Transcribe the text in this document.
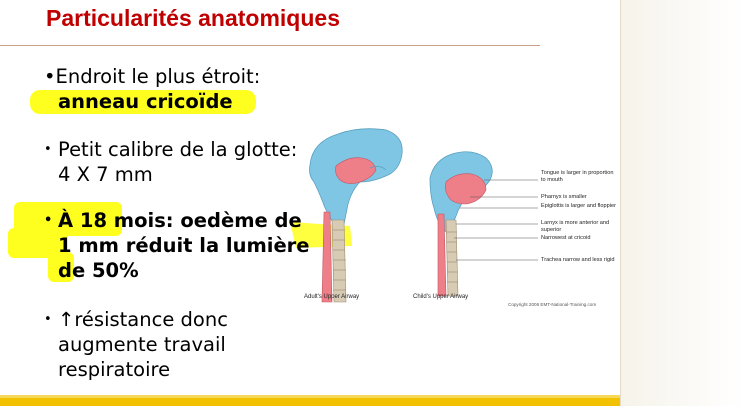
Particularités anatomiques
•Endroit le plus étroit:
anneau cricoïde
• Petit calibre de la glotte: 4 X 7 mm
• À 18 mois: oedème de 1 mm réduit la lumière de 50%
• ↑résistance donc augmente travail respiratoire
Tongue is larger in proportion to mouth
Pharnyx is smaller
Epiglottis is larger and floppier
Larnyx is more anterior and superior
Narrowest at cricoid
Trachea narrow and less rigid
Adult's Upper Airway	Child's Upper Airway
Copyright 2006 EMT-National-Training.com
